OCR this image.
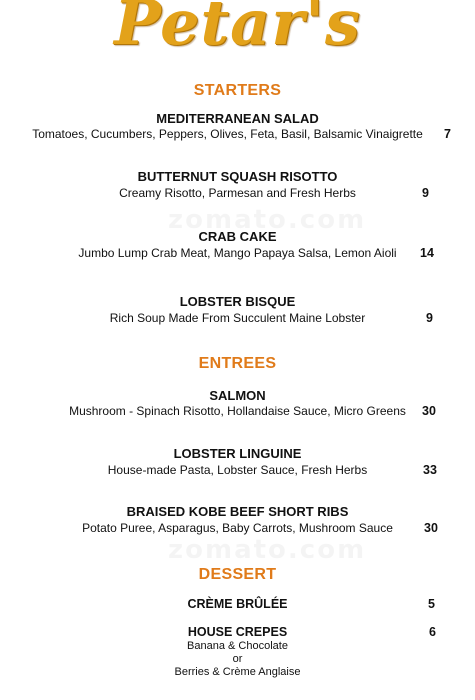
Petar's
STARTERS
MEDITERRANEAN SALAD
Tomatoes, Cucumbers, Peppers, Olives, Feta, Basil, Balsamic Vinaigrette	7
BUTTERNUT SQUASH RISOTTO
Creamy Risotto, Parmesan and Fresh Herbs	9
CRAB CAKE
Jumbo Lump Crab Meat, Mango Papaya Salsa, Lemon Aioli	14
LOBSTER BISQUE
Rich Soup Made From Succulent Maine Lobster	9
ENTREES
SALMON
Mushroom - Spinach Risotto, Hollandaise Sauce, Micro Greens	30
LOBSTER LINGUINE
House-made Pasta, Lobster Sauce, Fresh Herbs	33
BRAISED KOBE BEEF SHORT RIBS
Potato Puree, Asparagus, Baby Carrots, Mushroom Sauce	30
DESSERT
CRÈME BRÛLÉE	5
HOUSE CREPES	6
Banana & Chocolate
or
Berries & Crème Anglaise
